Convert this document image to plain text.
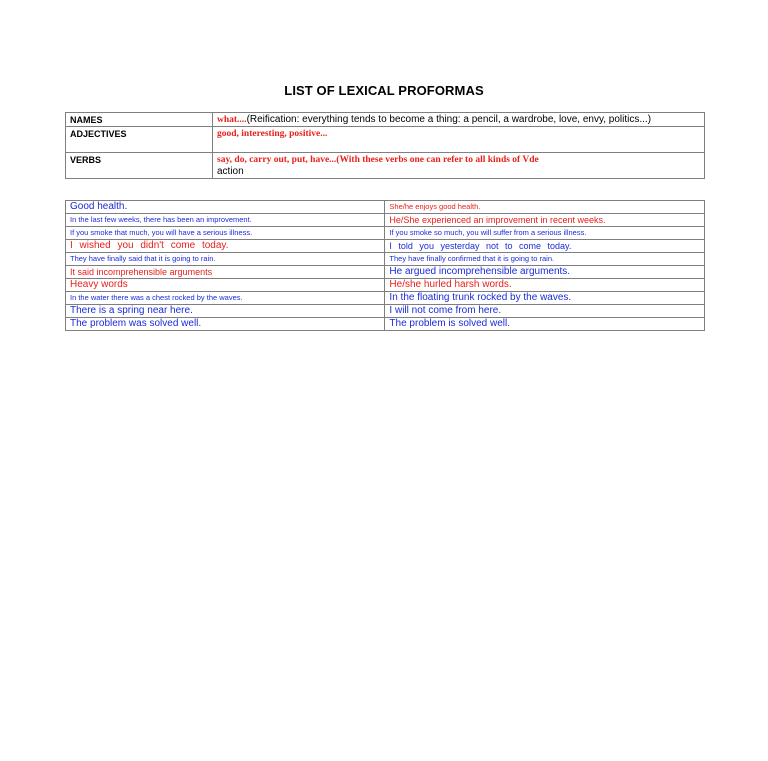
LIST OF LEXICAL PROFORMAS
NAMES	what....(Reification: everything tends to become a thing: a pencil, a wardrobe, love, envy, politics...)
ADJECTIVES	good, interesting, positive...
VERBS	say, do, carry out, put, have...(With these verbs one can refer to all kinds of Vde
action
Good health.	She/he enjoys good health.
In the last few weeks, there has been an improvement.	He/She experienced an improvement in recent weeks.
If you smoke that much, you will have a serious illness.	If you smoke so much, you will suffer from a serious illness.
I wished you didn't come today.	I told you yesterday not to come today.
They have finally said that it is going to rain.	They have finally confirmed that it is going to rain.
It said incomprehensible arguments	He argued incomprehensible arguments.
Heavy words	He/she hurled harsh words.
In the water there was a chest rocked by the waves.	In the floating trunk rocked by the waves.
There is a spring near here.	I will not come from here.
The problem was solved well.	The problem is solved well.
